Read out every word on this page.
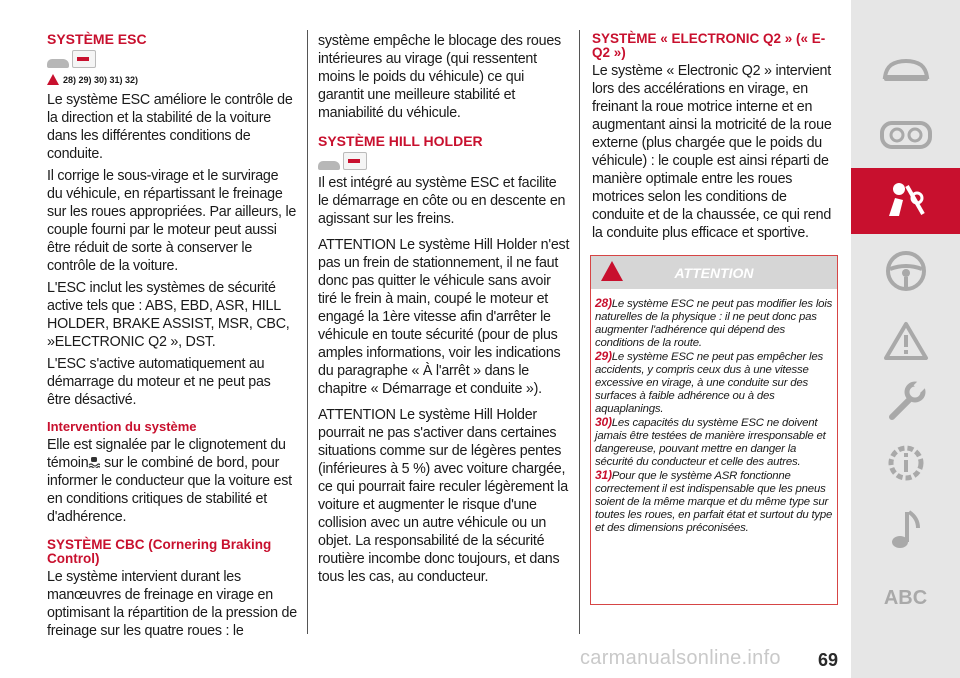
SYSTÈME ESC
28) 29) 30) 31) 32)

Le système ESC améliore le contrôle de la direction et la stabilité de la voiture dans les différentes conditions de conduite.

Il corrige le sous-virage et le survirage du véhicule, en répartissant le freinage sur les roues appropriées. Par ailleurs, le couple fourni par le moteur peut aussi être réduit de sorte à conserver le contrôle de la voiture.

L'ESC inclut les systèmes de sécurité active tels que : ABS, EBD, ASR, HILL HOLDER, BRAKE ASSIST, MSR, CBC, »ELECTRONIC Q2 », DST.

L'ESC s'active automatiquement au démarrage du moteur et ne peut pas être désactivé.

Intervention du système

Elle est signalée par le clignotement du témoin sur le combiné de bord, pour informer le conducteur que la voiture est en conditions critiques de stabilité et d'adhérence.

SYSTÈME CBC (Cornering Braking Control)

Le système intervient durant les manœuvres de freinage en virage en optimisant la répartition de la pression de freinage sur les quatre roues : le

système empêche le blocage des roues intérieures au virage (qui ressentent moins le poids du véhicule) ce qui garantit une meilleure stabilité et maniabilité du véhicule.

SYSTÈME HILL HOLDER

Il est intégré au système ESC et facilite le démarrage en côte ou en descente en agissant sur les freins.

ATTENTION Le système Hill Holder n'est pas un frein de stationnement, il ne faut donc pas quitter le véhicule sans avoir tiré le frein à main, coupé le moteur et engagé la 1ère vitesse afin d'arrêter le véhicule en toute sécurité (pour de plus amples informations, voir les indications du paragraphe « À l'arrêt » dans le chapitre « Démarrage et conduite »).

ATTENTION Le système Hill Holder pourrait ne pas s'activer dans certaines situations comme sur de légères pentes (inférieures à 5 %) avec voiture chargée, ce qui pourrait faire reculer légèrement la voiture et augmenter le risque d'une collision avec un autre véhicule ou un objet. La responsabilité de la sécurité routière incombe donc toujours, et dans tous les cas, au conducteur.

SYSTÈME « ELECTRONIC Q2 » (« E-Q2 »)

Le système « Electronic Q2 » intervient lors des accélérations en virage, en freinant la roue motrice interne et en augmentant ainsi la motricité de la roue externe (plus chargée que le poids du véhicule) : le couple est ainsi réparti de manière optimale entre les roues motrices selon les conditions de conduite et de la chaussée, ce qui rend la conduite plus efficace et sportive.

ATTENTION

28)Le système ESC ne peut pas modifier les lois naturelles de la physique : il ne peut donc pas augmenter l'adhérence qui dépend des conditions de la route.

29)Le système ESC ne peut pas empêcher les accidents, y compris ceux dus à une vitesse excessive en virage, à une conduite sur des surfaces à faible adhérence ou à des aquaplanings.

30)Les capacités du système ESC ne doivent jamais être testées de manière irresponsable et dangereuse, pouvant mettre en danger la sécurité du conducteur et celle des autres.

31)Pour que le système ASR fonctionne correctement il est indispensable que les pneus soient de la même marque et du même type sur toutes les roues, en parfait état et surtout du type et des dimensions préconisées.

ABC
carmanualsonline.info 69
